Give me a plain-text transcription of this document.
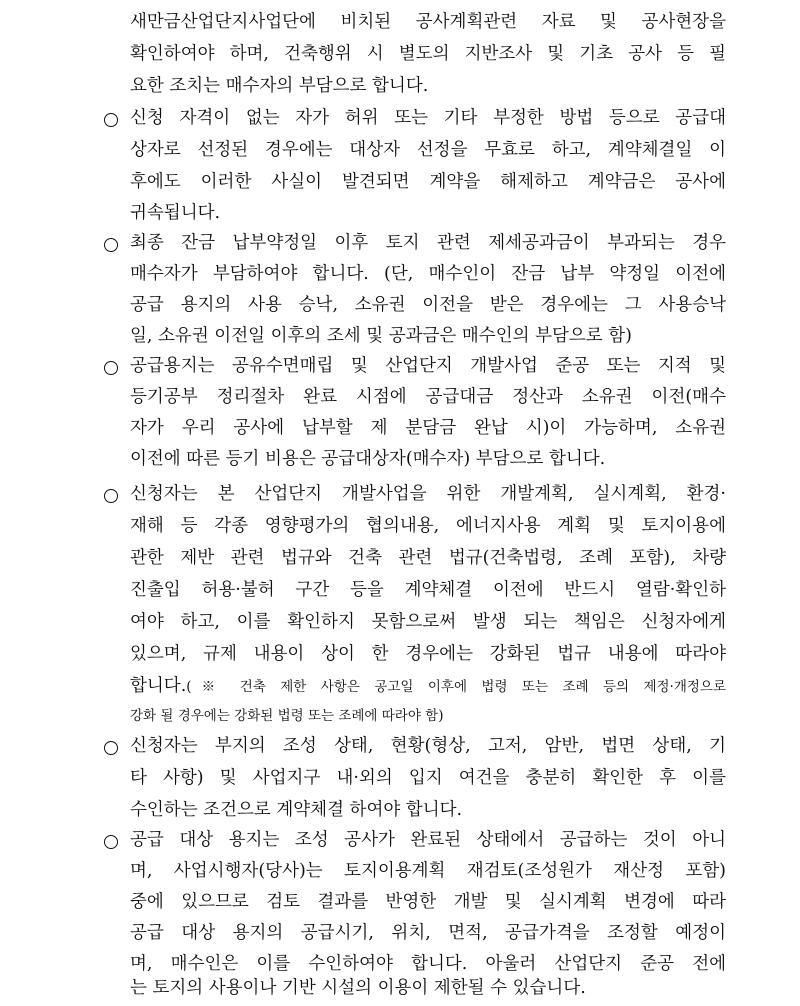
새만금산업단지사업단에 비치된 공사계획관련 자료 및 공사현장을
확인하여야 하며, 건축행위 시 별도의 지반조사 및 기초 공사 등 필
요한 조치는 매수자의 부담으로 합니다.
신청 자격이 없는 자가 허위 또는 기타 부정한 방법 등으로 공급대
상자로 선정된 경우에는 대상자 선정을 무효로 하고, 계약체결일 이
후에도 이러한 사실이 발견되면 계약을 해제하고 계약금은 공사에
귀속됩니다.
최종 잔금 납부약정일 이후 토지 관련 제세공과금이 부과되는 경우
매수자가 부담하여야 합니다. (단, 매수인이 잔금 납부 약정일 이전에
공급 용지의 사용 승낙, 소유권 이전을 받은 경우에는 그 사용승낙
일, 소유권 이전일 이후의 조세 및 공과금은 매수인의 부담으로 함)
공급용지는 공유수면매립 및 산업단지 개발사업 준공 또는 지적 및
등기공부 정리절차 완료 시점에 공급대금 정산과 소유권 이전(매수
자가 우리 공사에 납부할 제 분담금 완납 시)이 가능하며, 소유권
이전에 따른 등기 비용은 공급대상자(매수자) 부담으로 합니다.
신청자는 본 산업단지 개발사업을 위한 개발계획, 실시계획, 환경·
재해 등 각종 영향평가의 협의내용, 에너지사용 계획 및 토지이용에
관한 제반 관련 법규와 건축 관련 법규(건축법령, 조례 포함), 차량
진출입 허용·불허 구간 등을 계약체결 이전에 반드시 열람·확인하
여야 하고, 이를 확인하지 못함으로써 발생 되는 책임은 신청자에게
있으며, 규제 내용이 상이 한 경우에는 강화된 법규 내용에 따라야
합니다.(※ 건축 제한 사항은 공고일 이후에 법령 또는 조례 등의 제정·개정으로
강화 될 경우에는 강화된 법령 또는 조례에 따라야 함)
신청자는 부지의 조성 상태, 현황(형상, 고저, 암반, 법면 상태, 기
타 사항) 및 사업지구 내·외의 입지 여건을 충분히 확인한 후 이를
수인하는 조건으로 계약체결 하여야 합니다.
공급 대상 용지는 조성 공사가 완료된 상태에서 공급하는 것이 아니
며, 사업시행자(당사)는 토지이용계획 재검토(조성원가 재산정 포함)
중에 있으므로 검토 결과를 반영한 개발 및 실시계획 변경에 따라
공급 대상 용지의 공급시기, 위치, 면적, 공급가격을 조정할 예정이
며, 매수인은 이를 수인하여야 합니다. 아울러 산업단지 준공 전에
는 토지의 사용이나 기반 시설의 이용이 제한될 수 있습니다.
